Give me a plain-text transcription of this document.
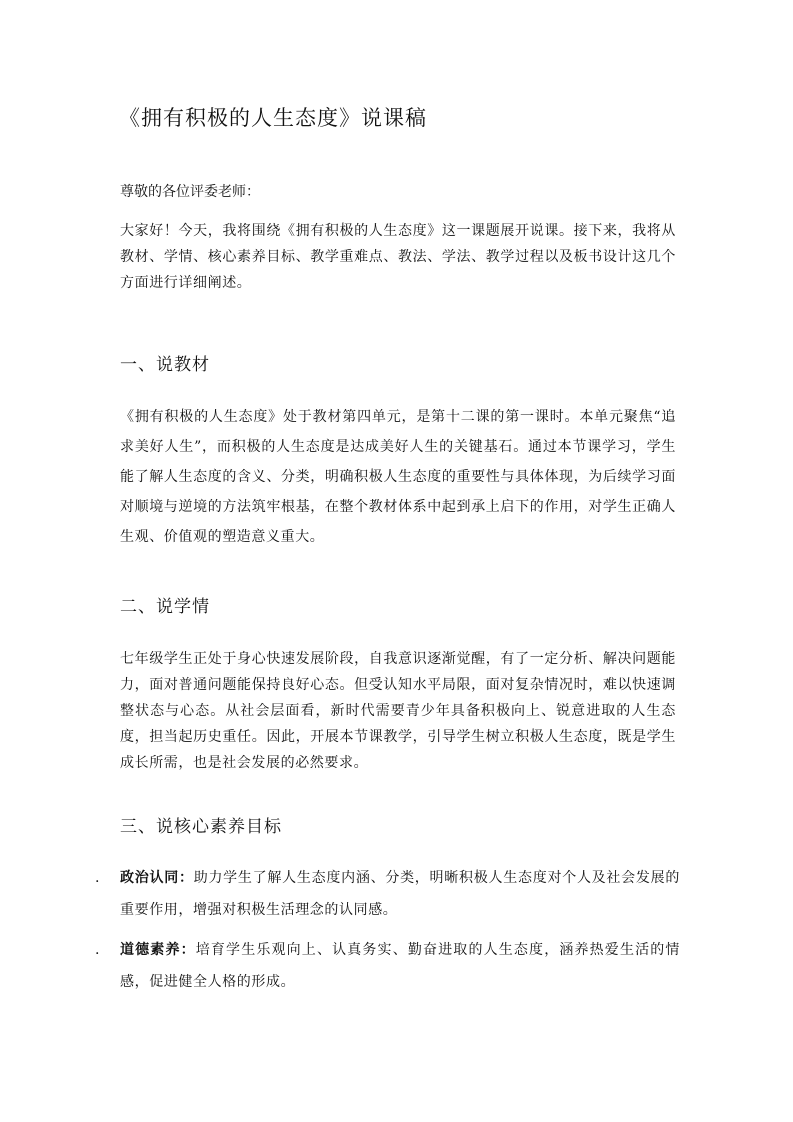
《拥有积极的人生态度》说课稿

尊敬的各位评委老师：

大家好！今天，我将围绕《拥有积极的人生态度》这一课题展开说课。接下来，我将从教材、学情、核心素养目标、教学重难点、教法、学法、教学过程以及板书设计这几个方面进行详细阐述。

一、说教材

《拥有积极的人生态度》处于教材第四单元，是第十二课的第一课时。本单元聚焦“追求美好人生”，而积极的人生态度是达成美好人生的关键基石。通过本节课学习，学生能了解人生态度的含义、分类，明确积极人生态度的重要性与具体体现，为后续学习面对顺境与逆境的方法筑牢根基，在整个教材体系中起到承上启下的作用，对学生正确人生观、价值观的塑造意义重大。

二、说学情

七年级学生正处于身心快速发展阶段，自我意识逐渐觉醒，有了一定分析、解决问题能力，面对普通问题能保持良好心态。但受认知水平局限，面对复杂情况时，难以快速调整状态与心态。从社会层面看，新时代需要青少年具备积极向上、锐意进取的人生态度，担当起历史重任。因此，开展本节课教学，引导学生树立积极人生态度，既是学生成长所需，也是社会发展的必然要求。

三、说核心素养目标
. 政治认同：助力学生了解人生态度内涵、分类，明晰积极人生态度对个人及社会发展的重要作用，增强对积极生活理念的认同感。
. 道德素养：培育学生乐观向上、认真务实、勤奋进取的人生态度，涵养热爱生活的情感，促进健全人格的形成。
